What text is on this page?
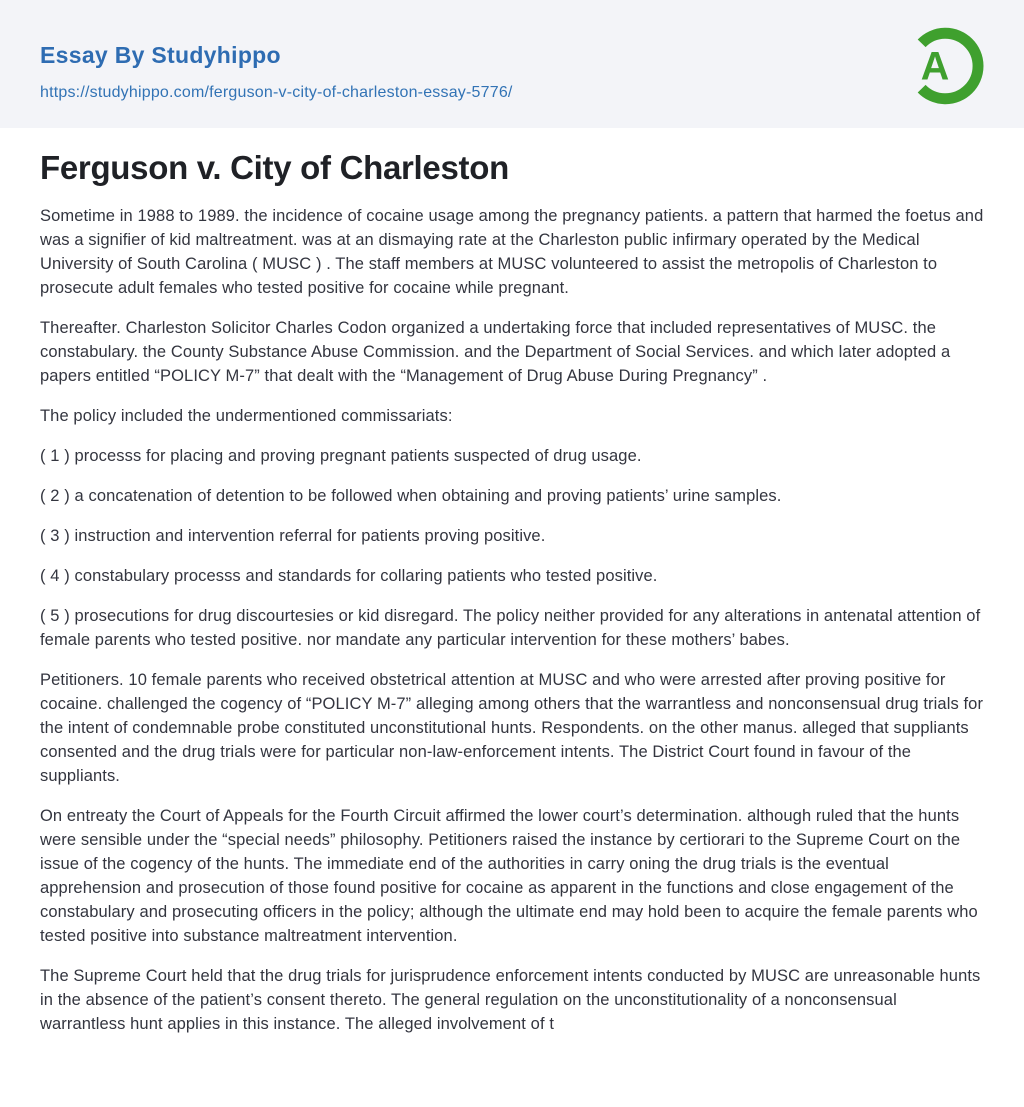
Essay By Studyhippo
https://studyhippo.com/ferguson-v-city-of-charleston-essay-5776/
A
Ferguson v. City of Charleston

Sometime in 1988 to 1989. the incidence of cocaine usage among the pregnancy patients. a pattern that harmed the foetus and was a signifier of kid maltreatment. was at an dismaying rate at the Charleston public infirmary operated by the Medical University of South Carolina ( MUSC ) . The staff members at MUSC volunteered to assist the metropolis of Charleston to prosecute adult females who tested positive for cocaine while pregnant.

Thereafter. Charleston Solicitor Charles Codon organized a undertaking force that included representatives of MUSC. the constabulary. the County Substance Abuse Commission. and the Department of Social Services. and which later adopted a papers entitled “POLICY M-7” that dealt with the “Management of Drug Abuse During Pregnancy” .

The policy included the undermentioned commissariats:

( 1 ) processs for placing and proving pregnant patients suspected of drug usage.

( 2 ) a concatenation of detention to be followed when obtaining and proving patients’ urine samples.

( 3 ) instruction and intervention referral for patients proving positive.

( 4 ) constabulary processs and standards for collaring patients who tested positive.

( 5 ) prosecutions for drug discourtesies or kid disregard. The policy neither provided for any alterations in antenatal attention of female parents who tested positive. nor mandate any particular intervention for these mothers’ babes.

Petitioners. 10 female parents who received obstetrical attention at MUSC and who were arrested after proving positive for cocaine. challenged the cogency of “POLICY M-7” alleging among others that the warrantless and nonconsensual drug trials for the intent of condemnable probe constituted unconstitutional hunts. Respondents. on the other manus. alleged that suppliants consented and the drug trials were for particular non-law-enforcement intents. The District Court found in favour of the suppliants.

On entreaty the Court of Appeals for the Fourth Circuit affirmed the lower court’s determination. although ruled that the hunts were sensible under the “special needs” philosophy. Petitioners raised the instance by certiorari to the Supreme Court on the issue of the cogency of the hunts. The immediate end of the authorities in carry oning the drug trials is the eventual apprehension and prosecution of those found positive for cocaine as apparent in the functions and close engagement of the constabulary and prosecuting officers in the policy; although the ultimate end may hold been to acquire the female parents who tested positive into substance maltreatment intervention.

The Supreme Court held that the drug trials for jurisprudence enforcement intents conducted by MUSC are unreasonable hunts in the absence of the patient’s consent thereto. The general regulation on the unconstitutionality of a nonconsensual warrantless hunt applies in this instance. The alleged involvement of t
